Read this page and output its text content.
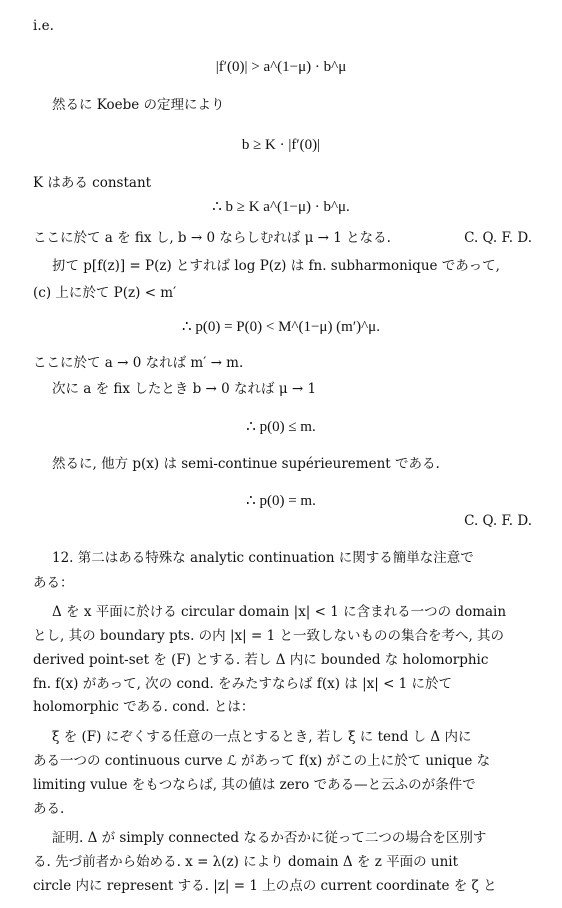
i.e.
|f′(0)| > a^(1−μ) · b^μ
然るに Koebe の定理により
b ≥ K · |f′(0)|
K はある constant
∴ b ≥ K a^(1−μ) · b^μ.
ここに於て a を fix し, b → 0 ならしむれば μ → 1 となる.	C. Q. F. D.
扨て p[f(z)] = P(z) とすれば log P(z) は fn. subharmonique であって,
(c) 上に於て P(z) < m′
∴ p(0) = P(0) < M^(1−μ) (m′)^μ.
ここに於て a → 0 なれば m′ → m.
次に a を fix したとき b → 0 なれば μ → 1
∴ p(0) ≤ m.
然るに, 他方 p(x) は semi-continue supérieurement である.
∴ p(0) = m.
C. Q. F. D.
12. 第二はある特殊な analytic continuation に関する簡単な注意で
ある：
Δ を x 平面に於ける circular domain |x| < 1 に含まれる一つの domain
とし, 其の boundary pts. の内 |x| = 1 と一致しないものの集合を考へ, 其の
derived point-set を (F) とする. 若し Δ 内に bounded な holomorphic
fn. f(x) があって, 次の cond. をみたすならば f(x) は |x| < 1 に於て
holomorphic である. cond. とは：
ξ を (F) にぞくする任意の一点とするとき, 若し ξ に tend し Δ 内に
ある一つの continuous curve ℒ があって f(x) がこの上に於て unique な
limiting vulue をもつならば, 其の値は zero である—と云ふのが条件で
ある.
証明. Δ が simply connected なるか否かに従って二つの場合を区別す
る. 先づ前者から始める. x = λ(z) により domain Δ を z 平面の unit
circle 内に represent する. |z| = 1 上の点の current coordinate を ζ と
